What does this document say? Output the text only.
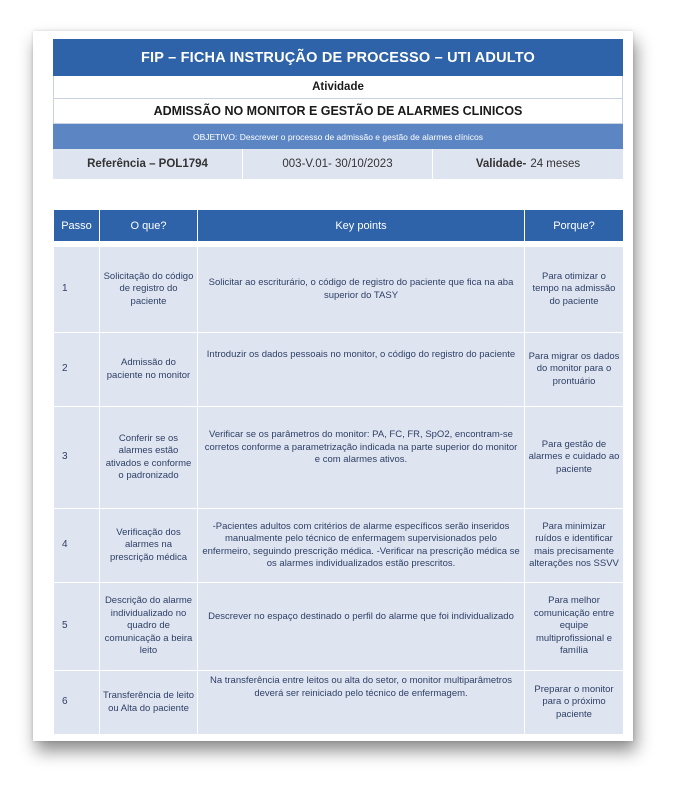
FIP – FICHA INSTRUÇÃO DE PROCESSO – UTI ADULTO
Atividade
ADMISSÃO NO MONITOR E GESTÃO DE ALARMES CLINICOS
OBJETIVO: Descrever o processo de admissão e gestão de alarmes clínicos
Referência – POL1794	003-V.01- 30/10/2023	Validade- 24 meses
Passo	O que?	Key points	Porque?

1	Solicitação do código de registro do paciente	Solicitar ao escriturário, o código de registro do paciente que fica na aba superior do TASY	Para otimizar o tempo na admissão do paciente
2	Admissão do paciente no monitor	Introduzir os dados pessoais no monitor, o código do registro do paciente	Para migrar os dados do monitor para o prontuário
3	Conferir se os alarmes estão ativados e conforme o padronizado	Verificar se os parâmetros do monitor: PA, FC, FR, SpO2, encontram-se corretos conforme a parametrização indicada na parte superior do monitor e com alarmes ativos.	Para gestão de alarmes e cuidado ao paciente
4	Verificação dos alarmes na prescrição médica	-Pacientes adultos com critérios de alarme específicos serão inseridos manualmente pelo técnico de enfermagem supervisionados pelo enfermeiro, seguindo prescrição médica. -Verificar na prescrição médica se os alarmes individualizados estão prescritos.	Para minimizar ruídos e identificar mais precisamente alterações nos SSVV
5	Descrição do alarme individualizado no quadro de comunicação a beira leito	Descrever no espaço destinado o perfil do alarme que foi individualizado	Para melhor comunicação entre equipe multiprofissional e família
6	Transferência de leito ou Alta do paciente	Na transferência entre leitos ou alta do setor, o monitor multiparâmetros deverá ser reiniciado pelo técnico de enfermagem.	Preparar o monitor para o próximo paciente
